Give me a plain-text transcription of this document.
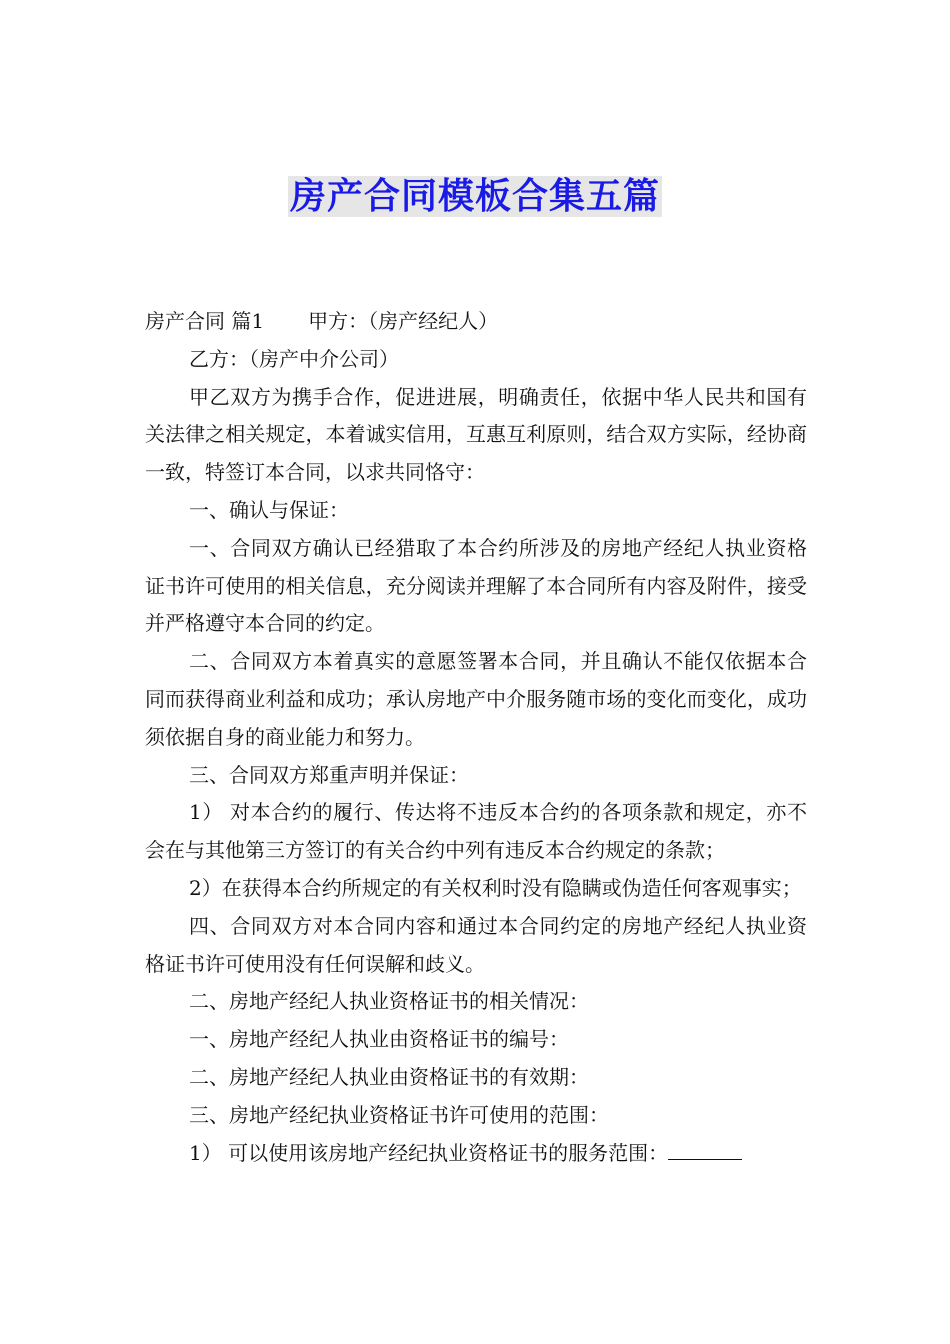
房产合同模板合集五篇

房产合同 篇1 甲方：（房产经纪人）

乙方：（房产中介公司）

甲乙双方为携手合作，促进进展，明确责任，依据中华人民共和国有关法律之相关规定，本着诚实信用，互惠互利原则，结合双方实际，经协商一致，特签订本合同，以求共同恪守：

一、确认与保证：

一、合同双方确认已经猎取了本合约所涉及的房地产经纪人执业资格证书许可使用的相关信息，充分阅读并理解了本合同所有内容及附件，接受并严格遵守本合同的约定。

二、合同双方本着真实的意愿签署本合同，并且确认不能仅依据本合同而获得商业利益和成功；承认房地产中介服务随市场的变化而变化，成功须依据自身的商业能力和努力。

三、合同双方郑重声明并保证：

1） 对本合约的履行、传达将不违反本合约的各项条款和规定，亦不会在与其他第三方签订的有关合约中列有违反本合约规定的条款；

2）在获得本合约所规定的有关权利时没有隐瞒或伪造任何客观事实；

四、合同双方对本合同内容和通过本合同约定的房地产经纪人执业资格证书许可使用没有任何误解和歧义。

二、房地产经纪人执业资格证书的相关情况：

一、房地产经纪人执业由资格证书的编号：

二、房地产经纪人执业由资格证书的有效期：

三、房地产经纪执业资格证书许可使用的范围：

1） 可以使用该房地产经纪执业资格证书的服务范围：
